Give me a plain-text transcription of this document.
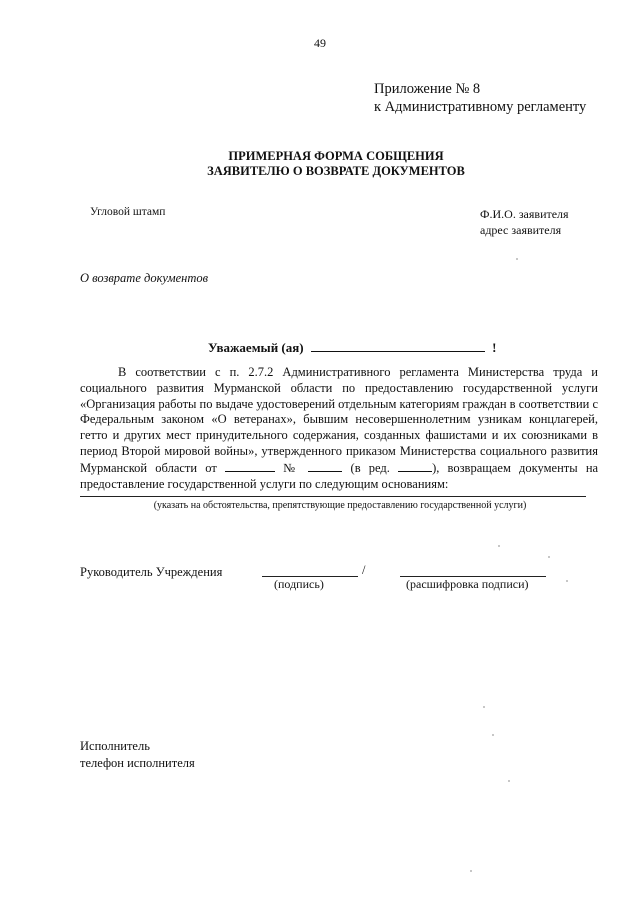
49
Приложение № 8
к Административному регламенту
ПРИМЕРНАЯ ФОРМА СОБЩЕНИЯ
ЗАЯВИТЕЛЮ О ВОЗВРАТЕ ДОКУМЕНТОВ
Угловой штамп	Ф.И.О. заявителя
адрес заявителя
О возврате документов
Уважаемый (ая)	!
В соответствии с п. 2.7.2 Административного регламента Министерства труда и социального развития Мурманской области по предоставлению государственной услуги «Организация работы по выдаче удостоверений отдельным категориям граждан в соответствии с Федеральным законом «О ветеранах», бывшим несовершеннолетним узникам концлагерей, гетто и других мест принудительного содержания, созданных фашистами и их союзниками в период Второй мировой войны», утвержденного приказом Министерства социального развития Мурманской области от	№	(в ред.	), возвращаем документы на предоставление государственной услуги по следующим основаниям:
(указать на обстоятельства, препятствующие предоставлению государственной услуги)
Руководитель Учреждения	/
(подпись)	(расшифровка подписи)
Исполнитель
телефон исполнителя
